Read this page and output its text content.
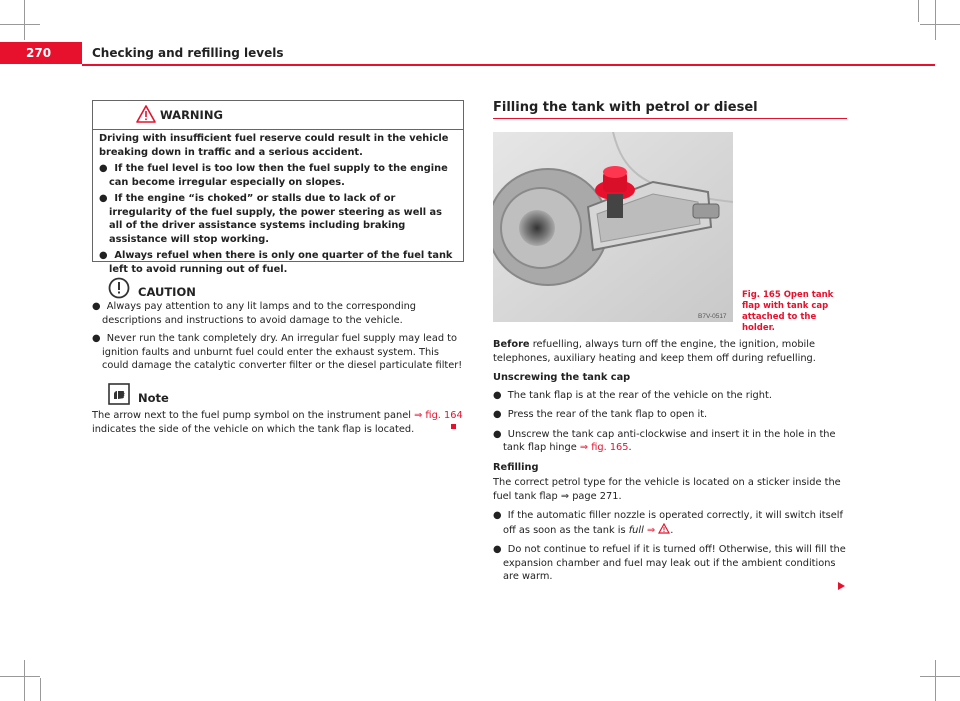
270	Checking and refilling levels
WARNING

Driving with insufficient fuel reserve could result in the vehicle breaking down in traffic and a serious accident.

●  If the fuel level is too low then the fuel supply to the engine can become irregular especially on slopes.

●  If the engine “is choked” or stalls due to lack of or irregularity of the fuel supply, the power steering as well as all of the driver assistance systems including braking assistance will stop working.

●  Always refuel when there is only one quarter of the fuel tank left to avoid running out of fuel.

CAUTION

●  Always pay attention to any lit lamps and to the corresponding descriptions and instructions to avoid damage to the vehicle.

●  Never run the tank completely dry. An irregular fuel supply may lead to ignition faults and unburnt fuel could enter the exhaust system. This could damage the catalytic converter filter or the diesel particulate filter!

Note

The arrow next to the fuel pump symbol on the instrument panel ⇒ fig. 164 indicates the side of the vehicle on which the tank flap is located.

Filling the tank with petrol or diesel
B7V-0517
Fig. 165 Open tank flap with tank cap attached to the holder.

Before refuelling, always turn off the engine, the ignition, mobile telephones, auxiliary heating and keep them off during refuelling.

Unscrewing the tank cap

●  The tank flap is at the rear of the vehicle on the right.

●  Press the rear of the tank flap to open it.

●  Unscrew the tank cap anti-clockwise and insert it in the hole in the tank flap hinge ⇒ fig. 165.

Refilling

The correct petrol type for the vehicle is located on a sticker inside the fuel tank flap ⇒ page 271.

●  If the automatic filler nozzle is operated correctly, it will switch itself off as soon as the tank is full ⇒ .

●  Do not continue to refuel if it is turned off! Otherwise, this will fill the expansion chamber and fuel may leak out if the ambient conditions are warm.
